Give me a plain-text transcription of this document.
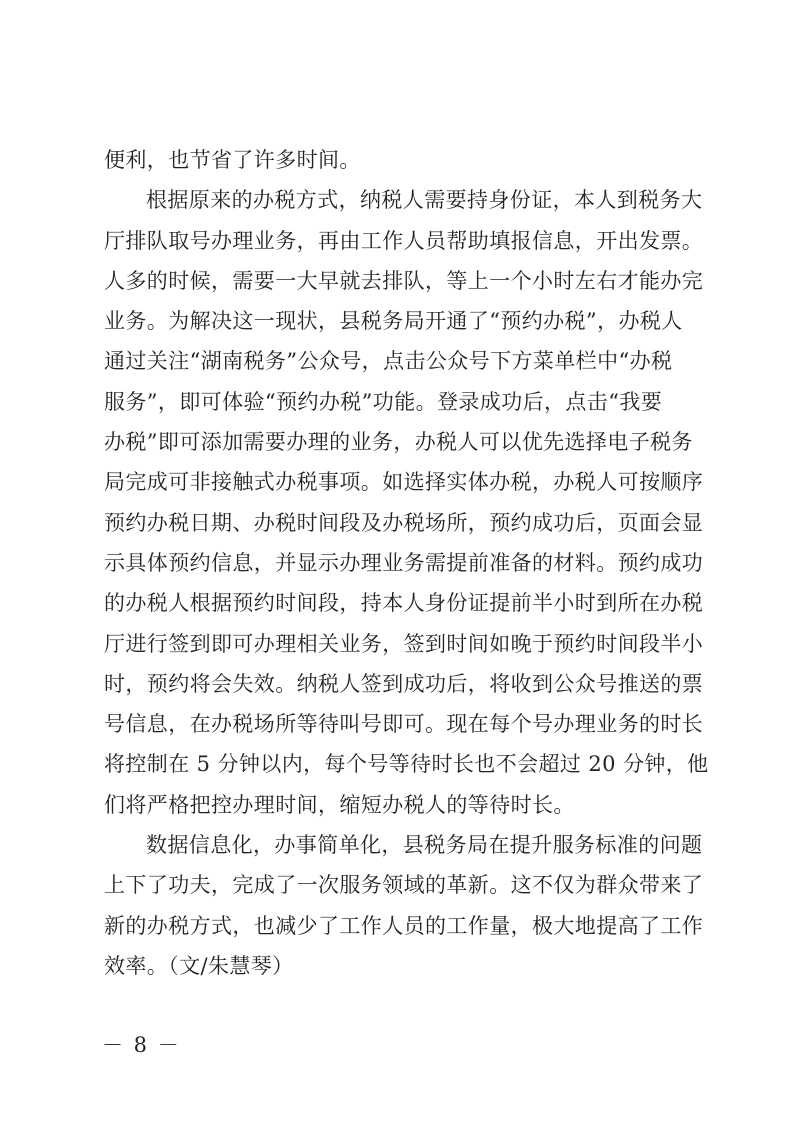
便利，也节省了许多时间。
根据原来的办税方式，纳税人需要持身份证，本人到税务大
厅排队取号办理业务，再由工作人员帮助填报信息，开出发票。
人多的时候，需要一大早就去排队，等上一个小时左右才能办完
业务。为解决这一现状，县税务局开通了“预约办税”，办税人
通过关注“湖南税务”公众号，点击公众号下方菜单栏中“办税
服务”，即可体验“预约办税”功能。登录成功后，点击“我要
办税”即可添加需要办理的业务，办税人可以优先选择电子税务
局完成可非接触式办税事项。如选择实体办税，办税人可按顺序
预约办税日期、办税时间段及办税场所，预约成功后，页面会显
示具体预约信息，并显示办理业务需提前准备的材料。预约成功
的办税人根据预约时间段，持本人身份证提前半小时到所在办税
厅进行签到即可办理相关业务，签到时间如晚于预约时间段半小
时，预约将会失效。纳税人签到成功后，将收到公众号推送的票
号信息，在办税场所等待叫号即可。现在每个号办理业务的时长
将控制在 5 分钟以内，每个号等待时长也不会超过 20 分钟，他
们将严格把控办理时间，缩短办税人的等待时长。
数据信息化，办事简单化，县税务局在提升服务标准的问题
上下了功夫，完成了一次服务领域的革新。这不仅为群众带来了
新的办税方式，也减少了工作人员的工作量，极大地提高了工作
效率。（文/朱慧琴）
－ 8 －
